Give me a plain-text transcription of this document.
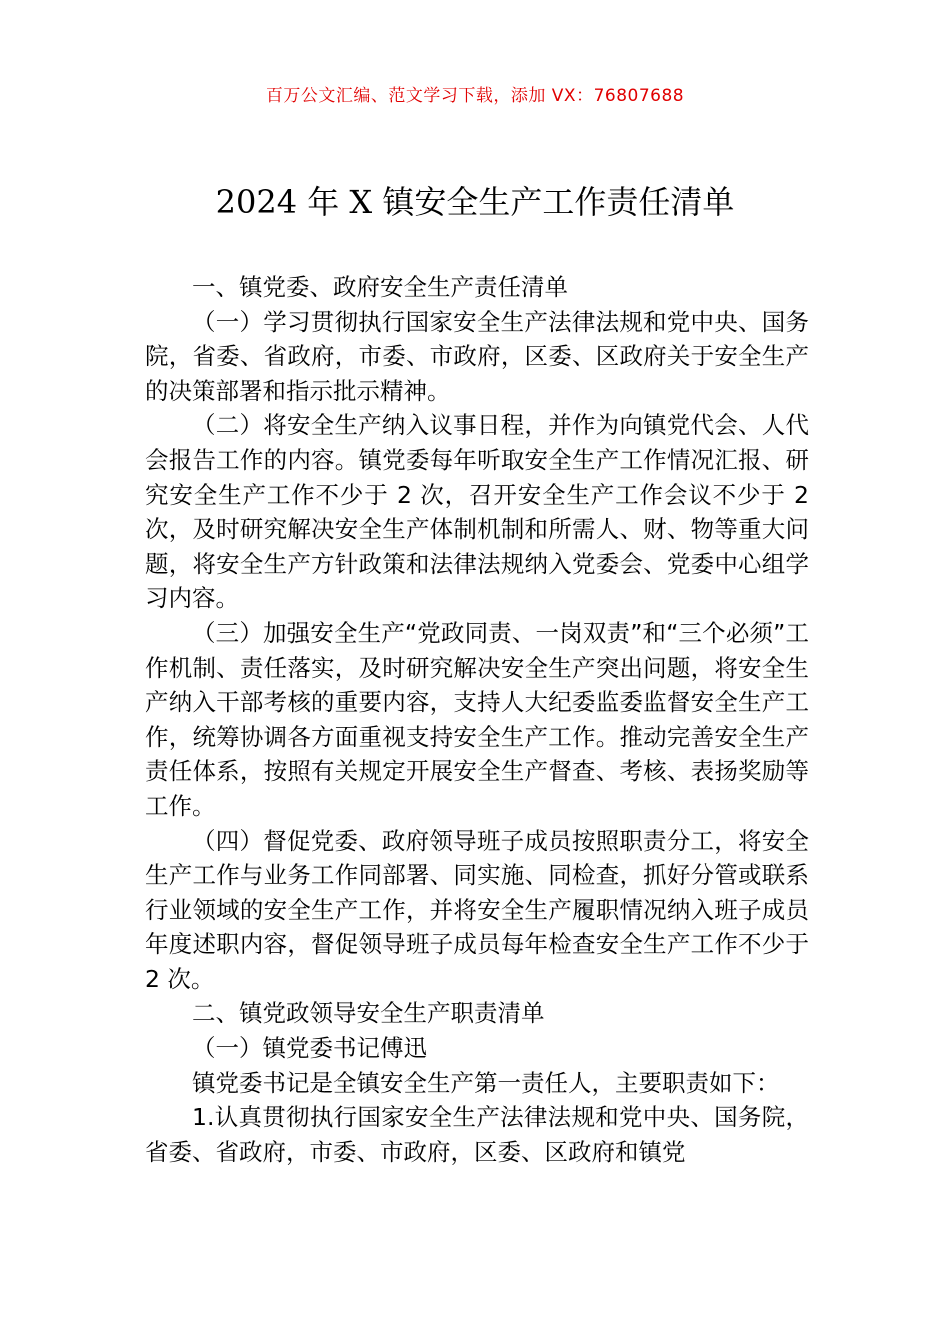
百万公文汇编、范文学习下载，添加 VX：76807688
2024 年 X 镇安全生产工作责任清单

一、镇党委、政府安全生产责任清单

（一）学习贯彻执行国家安全生产法律法规和党中央、国务院，省委、省政府，市委、市政府，区委、区政府关于安全生产的决策部署和指示批示精神。

（二）将安全生产纳入议事日程，并作为向镇党代会、人代会报告工作的内容。镇党委每年听取安全生产工作情况汇报、研究安全生产工作不少于 2 次，召开安全生产工作会议不少于 2 次，及时研究解决安全生产体制机制和所需人、财、物等重大问题，将安全生产方针政策和法律法规纳入党委会、党委中心组学习内容。

（三）加强安全生产“党政同责、一岗双责”和“三个必须”工作机制、责任落实，及时研究解决安全生产突出问题，将安全生产纳入干部考核的重要内容，支持人大纪委监委监督安全生产工作，统筹协调各方面重视支持安全生产工作。推动完善安全生产责任体系，按照有关规定开展安全生产督查、考核、表扬奖励等工作。

（四）督促党委、政府领导班子成员按照职责分工，将安全生产工作与业务工作同部署、同实施、同检查，抓好分管或联系行业领域的安全生产工作，并将安全生产履职情况纳入班子成员年度述职内容，督促领导班子成员每年检查安全生产工作不少于 2 次。

二、镇党政领导安全生产职责清单

（一）镇党委书记傅迅

镇党委书记是全镇安全生产第一责任人，主要职责如下：

1.认真贯彻执行国家安全生产法律法规和党中央、国务院，省委、省政府，市委、市政府，区委、区政府和镇党
